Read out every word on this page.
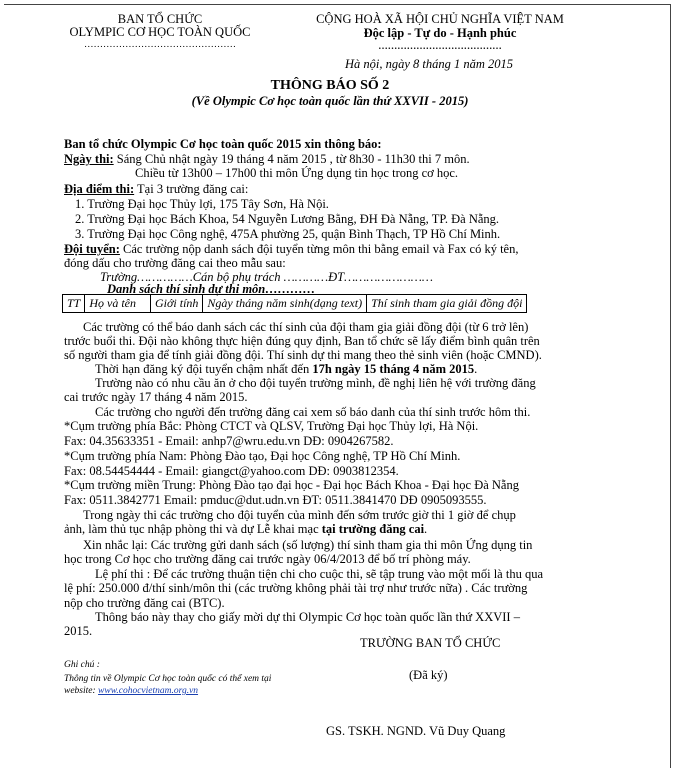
BAN TỔ CHỨC
OLYMPIC CƠ HỌC TOÀN QUỐC
…………………………………………
CỘNG HOÀ XÃ HỘI CHỦ NGHĨA VIỆT NAM
Độc lập - Tự do - Hạnh phúc
…………………………………
Hà nội, ngày 8 tháng 1 năm 2015
THÔNG BÁO SỐ 2
(Về Olympic Cơ học toàn quốc lần thứ XXVII - 2015)
Ban tổ chức Olympic Cơ học toàn quốc 2015 xin thông báo:
Ngày thi: Sáng Chủ nhật ngày 19 tháng 4 năm 2015 , từ 8h30 - 11h30 thi 7 môn.
Chiều từ 13h00 – 17h00 thi môn Ứng dụng tin học trong cơ học.
Địa điểm thi: Tại 3 trường đăng cai:
1. Trường Đại học Thủy lợi, 175 Tây Sơn, Hà Nội.
2. Trường Đại học Bách Khoa, 54 Nguyễn Lương Bằng, ĐH Đà Nẵng, TP. Đà Nẵng.
3. Trường Đại học Công nghệ, 475A phường 25, quận Bình Thạch, TP Hồ Chí Minh.
Đội tuyển: Các trường nộp danh sách đội tuyển từng môn thi bằng email và Fax có ký tên,
đóng dấu cho trường đăng cai theo mẫu sau:
Trường……………Cán bộ phụ trách …………ĐT……………………
Danh sách thí sinh dự thi môn…………
TT	Họ và tên	Giới tính	Ngày tháng năm sinh(dạng text)	Thí sinh tham gia giải đồng đội
Các trường có thể báo danh sách các thí sinh của đội tham gia giải đồng đội (từ 6 trở lên)
trước buổi thi. Đội nào không thực hiện đúng quy định, Ban tổ chức sẽ lấy điểm bình quân trên
số người tham gia để tính giải đồng đội. Thí sinh dự thi mang theo thẻ sinh viên (hoặc CMND).
Thời hạn đăng ký đội tuyển chậm nhất đến 17h ngày 15 tháng 4 năm 2015.
Trường nào có nhu cầu ăn ở cho đội tuyển trường mình, đề nghị liên hệ với trường đăng
cai trước ngày 17 tháng 4 năm 2015.
Các trường cho người đến trường đăng cai xem số báo danh của thí sinh trước hôm thi.
*Cụm trường phía Bắc: Phòng CTCT và QLSV, Trường Đại học Thủy lợi, Hà Nội.
Fax: 04.35633351 - Email: anhp7@wru.edu.vn DĐ: 0904267582.
*Cụm trường phía Nam: Phòng Đào tạo, Đại học Công nghệ, TP Hồ Chí Minh.
Fax: 08.54454444 - Email: giangct@yahoo.com DĐ: 0903812354.
*Cụm trường miền Trung: Phòng Đào tạo đại học - Đại học Bách Khoa - Đại học Đà Nẵng
Fax: 0511.3842771 Email: pmduc@dut.udn.vn ĐT: 0511.3841470 DĐ 0905093555.
Trong ngày thi các trường cho đội tuyển của mình đến sớm trước giờ thi 1 giờ để chụp
ảnh, làm thủ tục nhập phòng thi và dự Lễ khai mạc tại trường đăng cai.
Xin nhắc lại: Các trường gửi danh sách (số lượng) thí sinh tham gia thi môn Ứng dụng tin
học trong Cơ học cho trường đăng cai trước ngày 06/4/2013 để bố trí phòng máy.
Lệ phí thi : Để các trường thuận tiện chi cho cuộc thi, sẽ tập trung vào một mối là thu qua
lệ phí: 250.000 đ/thí sinh/môn thi (các trường không phải tài trợ như trước nữa) . Các trường
nộp cho trường đăng cai (BTC).
Thông báo này thay cho giấy mời dự thi Olympic Cơ học toàn quốc lần thứ XXVII –
2015.
TRƯỜNG BAN TỔ CHỨC
(Đã ký)
GS. TSKH. NGND. Vũ Duy Quang
Ghi chú :
Thông tin về Olympic Cơ học toàn quốc có thể xem tại
website: www.cohocvietnam.org.vn
